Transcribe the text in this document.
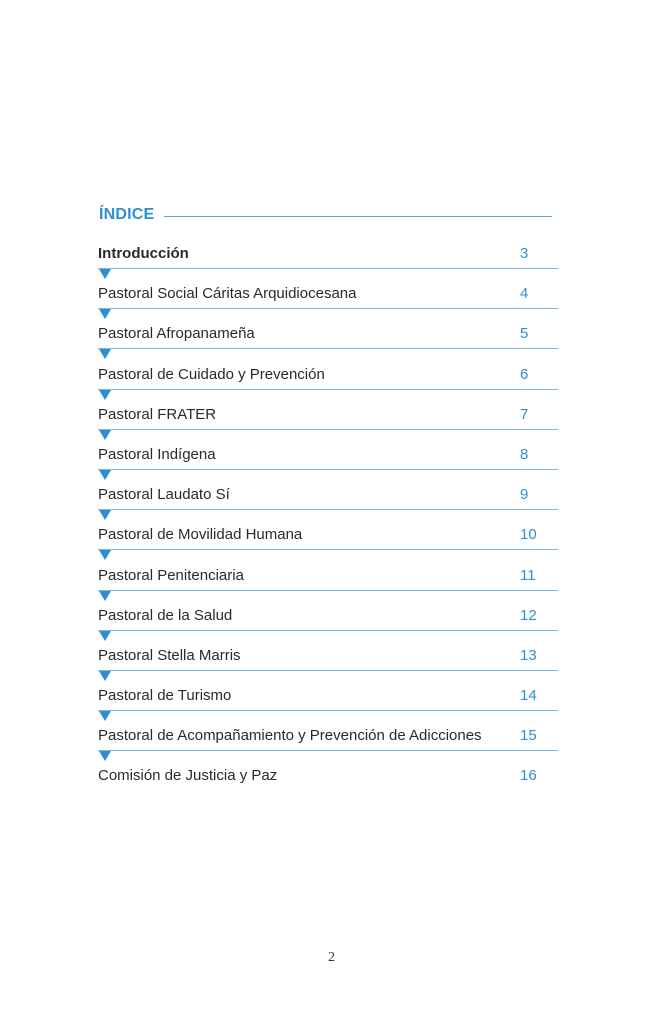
ÍNDICE
Introducción	3
Pastoral Social Cáritas Arquidiocesana	4
Pastoral Afropanameña	5
Pastoral de Cuidado y Prevención	6
Pastoral FRATER	7
Pastoral Indígena	8
Pastoral Laudato Sí	9
Pastoral de Movilidad Humana	10
Pastoral Penitenciaria	11
Pastoral de la Salud	12
Pastoral Stella Marris	13
Pastoral de Turismo	14
Pastoral de Acompañamiento y Prevención de Adicciones	15
Comisión de Justicia y Paz	16
2
